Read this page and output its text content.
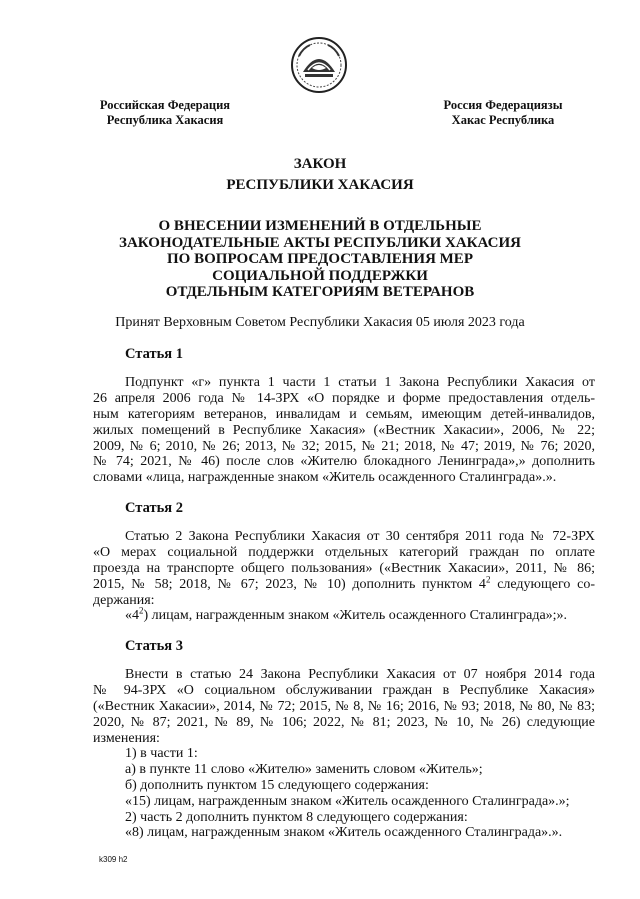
Российская Федерация
Республика Хакасия
Россия Федерациязы
Хакас Республика
ЗАКОН
РЕСПУБЛИКИ ХАКАСИЯ
О ВНЕСЕНИИ ИЗМЕНЕНИЙ В ОТДЕЛЬНЫЕ
ЗАКОНОДАТЕЛЬНЫЕ АКТЫ РЕСПУБЛИКИ ХАКАСИЯ
ПО ВОПРОСАМ ПРЕДОСТАВЛЕНИЯ МЕР
СОЦИАЛЬНОЙ ПОДДЕРЖКИ
ОТДЕЛЬНЫМ КАТЕГОРИЯМ ВЕТЕРАНОВ
Принят Верховным Советом Республики Хакасия 05 июля 2023 года
Статья 1
Подпункт «г» пункта 1 части 1 статьи 1 Закона Республики Хакасия от
26 апреля 2006 года № 14-ЗРХ «О порядке и форме предоставления отдель-
ным категориям ветеранов, инвалидам и семьям, имеющим детей-инвалидов,
жилых помещений в Республике Хакасия» («Вестник Хакасии», 2006, № 22;
2009, № 6; 2010, № 26; 2013, № 32; 2015, № 21; 2018, № 47; 2019, № 76; 2020,
№ 74; 2021, № 46) после слов «Жителю блокадного Ленинграда»,» дополнить
словами «лица, награжденные знаком «Житель осажденного Сталинграда».».
Статья 2
Статью 2 Закона Республики Хакасия от 30 сентября 2011 года № 72-ЗРХ
«О мерах социальной поддержки отдельных категорий граждан по оплате
проезда на транспорте общего пользования» («Вестник Хакасии», 2011, № 86;
2015, № 58; 2018, № 67; 2023, № 10) дополнить пунктом $4^2$ следующего со-
держания:
«$4^2$) лицам, награжденным знаком «Житель осажденного Сталинграда»;».
Статья 3
Внести в статью 24 Закона Республики Хакасия от 07 ноября 2014 года
№ 94-ЗРХ «О социальном обслуживании граждан в Республике Хакасия»
(«Вестник Хакасии», 2014, № 72; 2015, № 8, № 16; 2016, № 93; 2018, № 80, № 83;
2020, № 87; 2021, № 89, № 106; 2022, № 81; 2023, № 10, № 26) следующие
изменения:
1) в части 1:
а) в пункте 11 слово «Жителю» заменить словом «Житель»;
б) дополнить пунктом 15 следующего содержания:
«15) лицам, награжденным знаком «Житель осажденного Сталинграда».»;
2) часть 2 дополнить пунктом 8 следующего содержания:
«8) лицам, награжденным знаком «Житель осажденного Сталинграда».».
k309 h2
